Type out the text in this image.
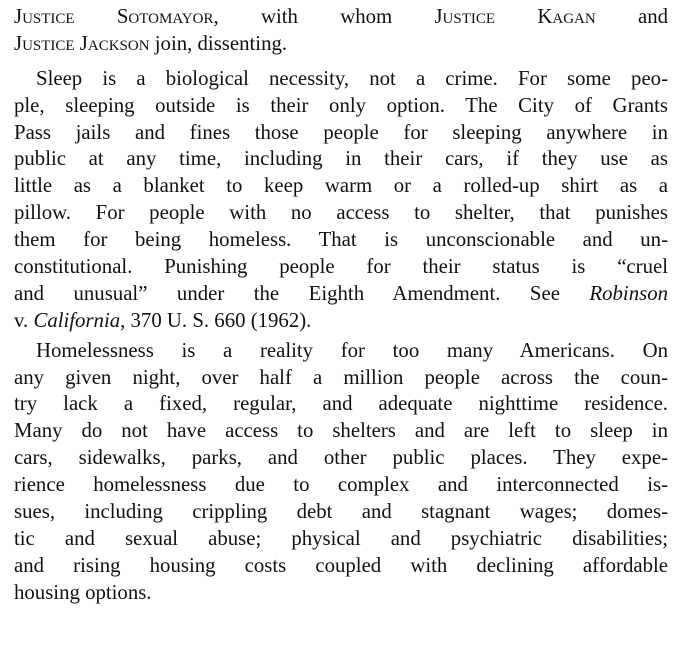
Justice Sotomayor, with whom Justice Kagan and
Justice Jackson join, dissenting.
Sleep is a biological necessity, not a crime. For some peo-
ple, sleeping outside is their only option. The City of Grants
Pass jails and fines those people for sleeping anywhere in
public at any time, including in their cars, if they use as
little as a blanket to keep warm or a rolled-up shirt as a
pillow. For people with no access to shelter, that punishes
them for being homeless. That is unconscionable and un-
constitutional. Punishing people for their status is “cruel
and unusual” under the Eighth Amendment. See Robinson
v. California, 370 U. S. 660 (1962).
Homelessness is a reality for too many Americans. On
any given night, over half a million people across the coun-
try lack a fixed, regular, and adequate nighttime residence.
Many do not have access to shelters and are left to sleep in
cars, sidewalks, parks, and other public places. They expe-
rience homelessness due to complex and interconnected is-
sues, including crippling debt and stagnant wages; domes-
tic and sexual abuse; physical and psychiatric disabilities;
and rising housing costs coupled with declining affordable
housing options.
